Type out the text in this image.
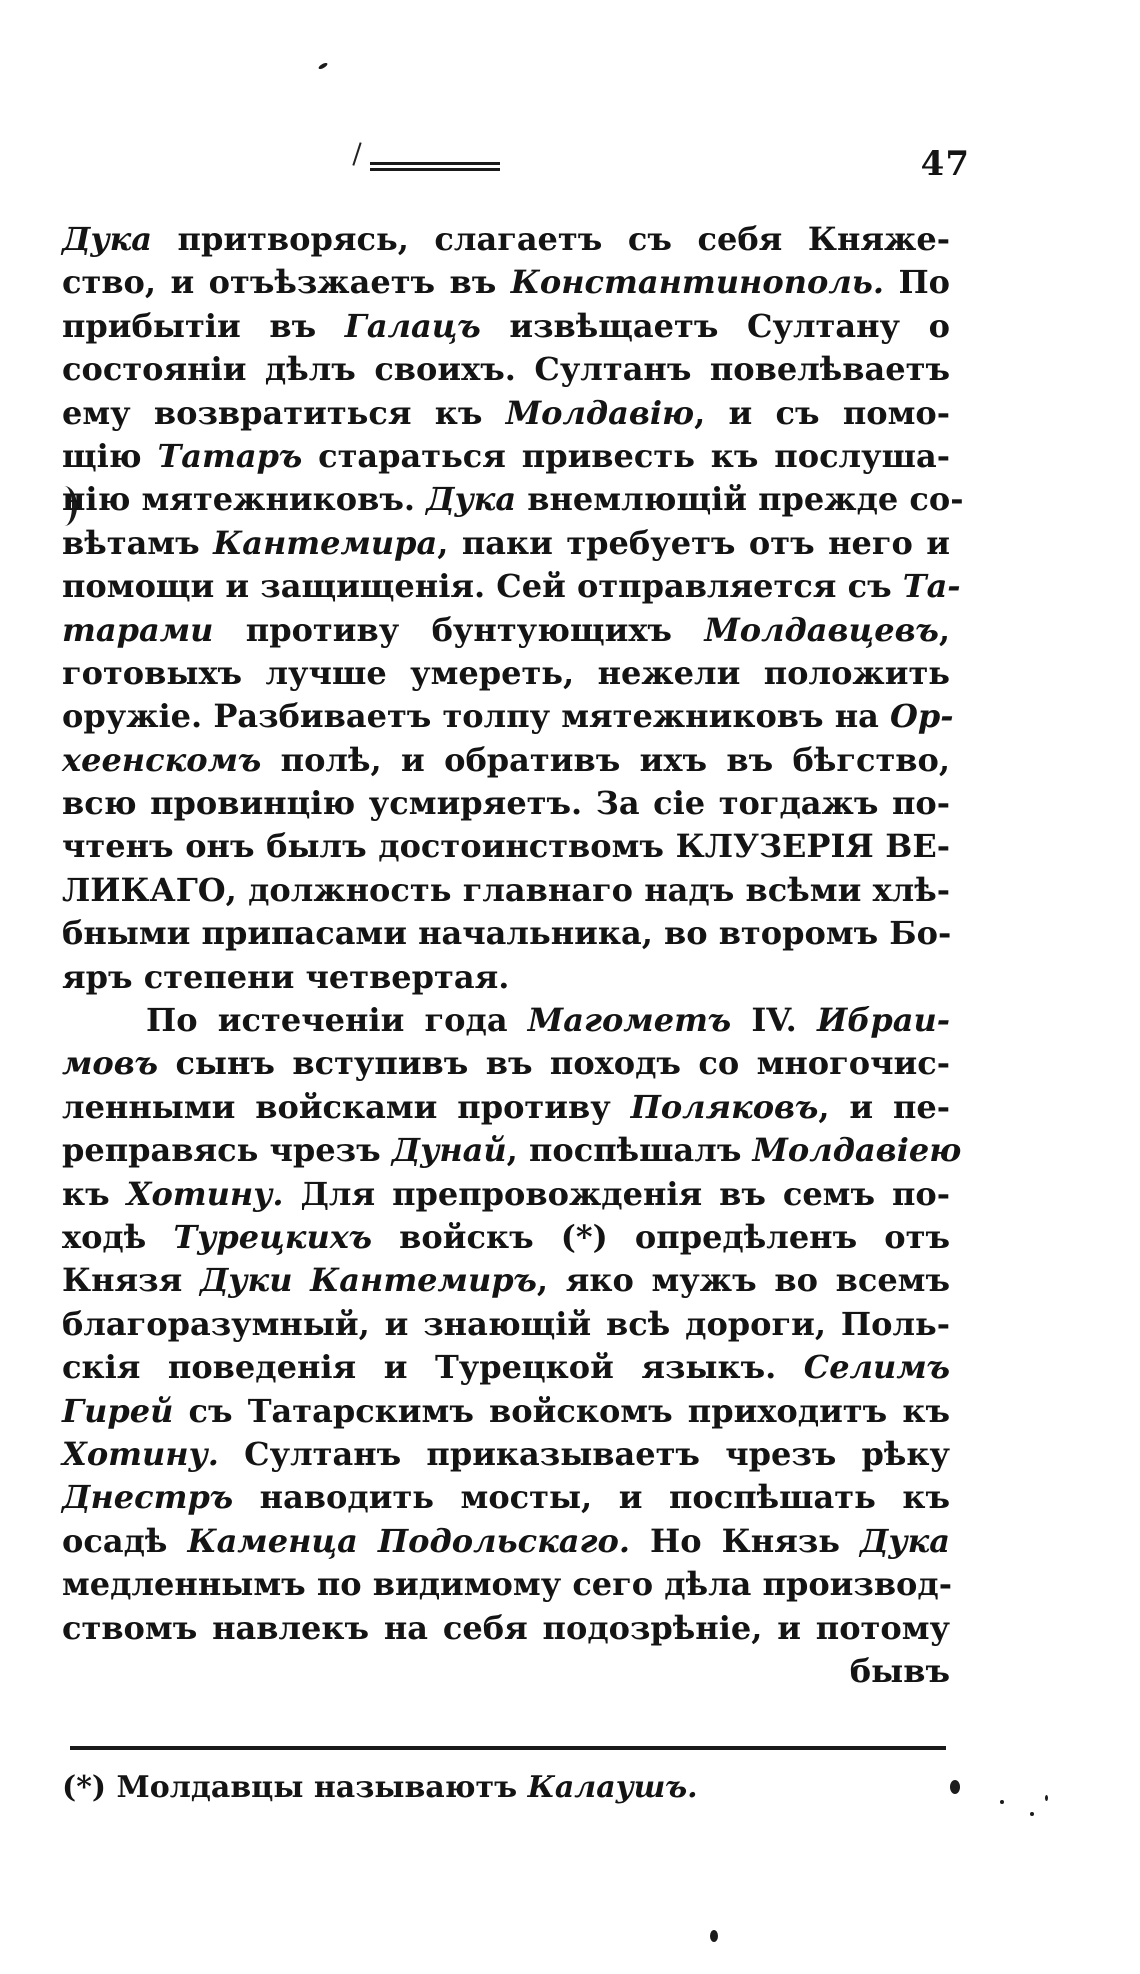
47
Дука притворясь, слагаетъ съ себя Княже-
ство, и отъѣзжаетъ въ Константинополь. По
прибытіи въ Галацъ извѣщаетъ Султану о
состояніи дѣлъ своихъ. Султанъ повелѣваетъ
ему возвратиться къ Молдавію, и съ помо-
щію Татаръ стараться привесть къ послуша-
нію мятежниковъ. Дука внемлющій прежде со-
вѣтамъ Кантемира, паки требуетъ отъ него и
помощи и защищенія. Сей отправляется съ Та-
тарами противу бунтующихъ Молдавцевъ,
готовыхъ лучше умереть, нежели положить
оружіе. Разбиваетъ толпу мятежниковъ на Ор-
хеенскомъ полѣ, и обративъ ихъ въ бѣгство,
всю провинцію усмиряетъ. За сіе тогдажъ по-
чтенъ онъ былъ достоинствомъ КЛУЗЕРІЯ ВЕ-
ЛИКАГО, должность главнаго надъ всѣми хлѣ-
бными припасами начальника, во второмъ Бо-
яръ степени четвертая.
По истеченіи года Магометъ IV. Ибраи-
мовъ сынъ вступивъ въ походъ со многочис-
ленными войсками противу Поляковъ, и пе-
реправясь чрезъ Дунай, поспѣшалъ Молдавіею
къ Хотину. Для препровожденія въ семъ по-
ходѣ Турецкихъ войскъ (*) опредѣленъ отъ
Князя Дуки Кантемиръ, яко мужъ во всемъ
благоразумный, и знающій всѣ дороги, Поль-
скія поведенія и Турецкой языкъ. Селимъ
Гирей съ Татарскимъ войскомъ приходитъ къ
Хотину. Султанъ приказываетъ чрезъ рѣку
Днестръ наводить мосты, и поспѣшать къ
осадѣ Каменца Подольскаго. Но Князь Дука
медленнымъ по видимому сего дѣла производ-
ствомъ навлекъ на себя подозрѣніе, и потому
бывъ
(*) Молдавцы называютъ Калаушъ.
